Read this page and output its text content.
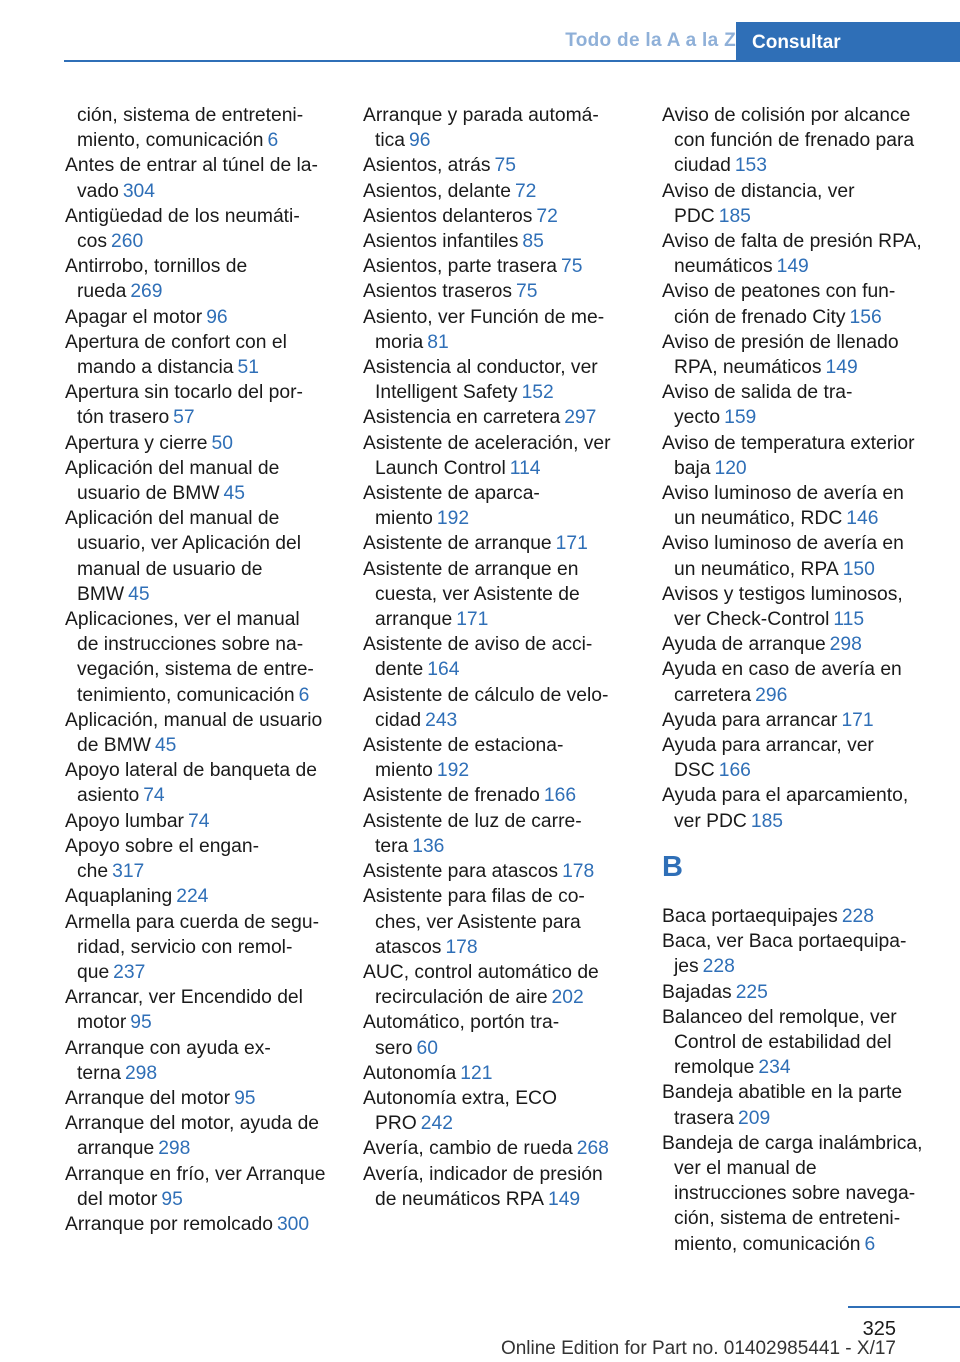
Todo de la A a la Z Consultar
ción, sistema de entreteni-
miento, comunicación 6
Antes de entrar al túnel de la-
vado 304
Antigüedad de los neumáti-
cos 260
Antirrobo, tornillos de
rueda 269
Apagar el motor 96
Apertura de confort con el
mando a distancia 51
Apertura sin tocarlo del por-
tón trasero 57
Apertura y cierre 50
Aplicación del manual de
usuario de BMW 45
Aplicación del manual de
usuario, ver Aplicación del
manual de usuario de
BMW 45
Aplicaciones, ver el manual
de instrucciones sobre na-
vegación, sistema de entre-
tenimiento, comunicación 6
Aplicación, manual de usuario
de BMW 45
Apoyo lateral de banqueta de
asiento 74
Apoyo lumbar 74
Apoyo sobre el engan-
che 317
Aquaplaning 224
Armella para cuerda de segu-
ridad, servicio con remol-
que 237
Arrancar, ver Encendido del
motor 95
Arranque con ayuda ex-
terna 298
Arranque del motor 95
Arranque del motor, ayuda de
arranque 298
Arranque en frío, ver Arranque
del motor 95
Arranque por remolcado 300
Arranque y parada automá-
tica 96
Asientos, atrás 75
Asientos, delante 72
Asientos delanteros 72
Asientos infantiles 85
Asientos, parte trasera 75
Asientos traseros 75
Asiento, ver Función de me-
moria 81
Asistencia al conductor, ver
Intelligent Safety 152
Asistencia en carretera 297
Asistente de aceleración, ver
Launch Control 114
Asistente de aparca-
miento 192
Asistente de arranque 171
Asistente de arranque en
cuesta, ver Asistente de
arranque 171
Asistente de aviso de acci-
dente 164
Asistente de cálculo de velo-
cidad 243
Asistente de estaciona-
miento 192
Asistente de frenado 166
Asistente de luz de carre-
tera 136
Asistente para atascos 178
Asistente para filas de co-
ches, ver Asistente para
atascos 178
AUC, control automático de
recirculación de aire 202
Automático, portón tra-
sero 60
Autonomía 121
Autonomía extra, ECO
PRO 242
Avería, cambio de rueda 268
Avería, indicador de presión
de neumáticos RPA 149
Aviso de colisión por alcance
con función de frenado para
ciudad 153
Aviso de distancia, ver
PDC 185
Aviso de falta de presión RPA,
neumáticos 149
Aviso de peatones con fun-
ción de frenado City 156
Aviso de presión de llenado
RPA, neumáticos 149
Aviso de salida de tra-
yecto 159
Aviso de temperatura exterior
baja 120
Aviso luminoso de avería en
un neumático, RDC 146
Aviso luminoso de avería en
un neumático, RPA 150
Avisos y testigos luminosos,
ver Check-Control 115
Ayuda de arranque 298
Ayuda en caso de avería en
carretera 296
Ayuda para arrancar 171
Ayuda para arrancar, ver
DSC 166
Ayuda para el aparcamiento,
ver PDC 185
B
Baca portaequipajes 228
Baca, ver Baca portaequipa-
jes 228
Bajadas 225
Balanceo del remolque, ver
Control de estabilidad del
remolque 234
Bandeja abatible en la parte
trasera 209
Bandeja de carga inalámbrica,
ver el manual de
instrucciones sobre navega-
ción, sistema de entreteni-
miento, comunicación 6
325
Online Edition for Part no. 01402985441 - X/17
